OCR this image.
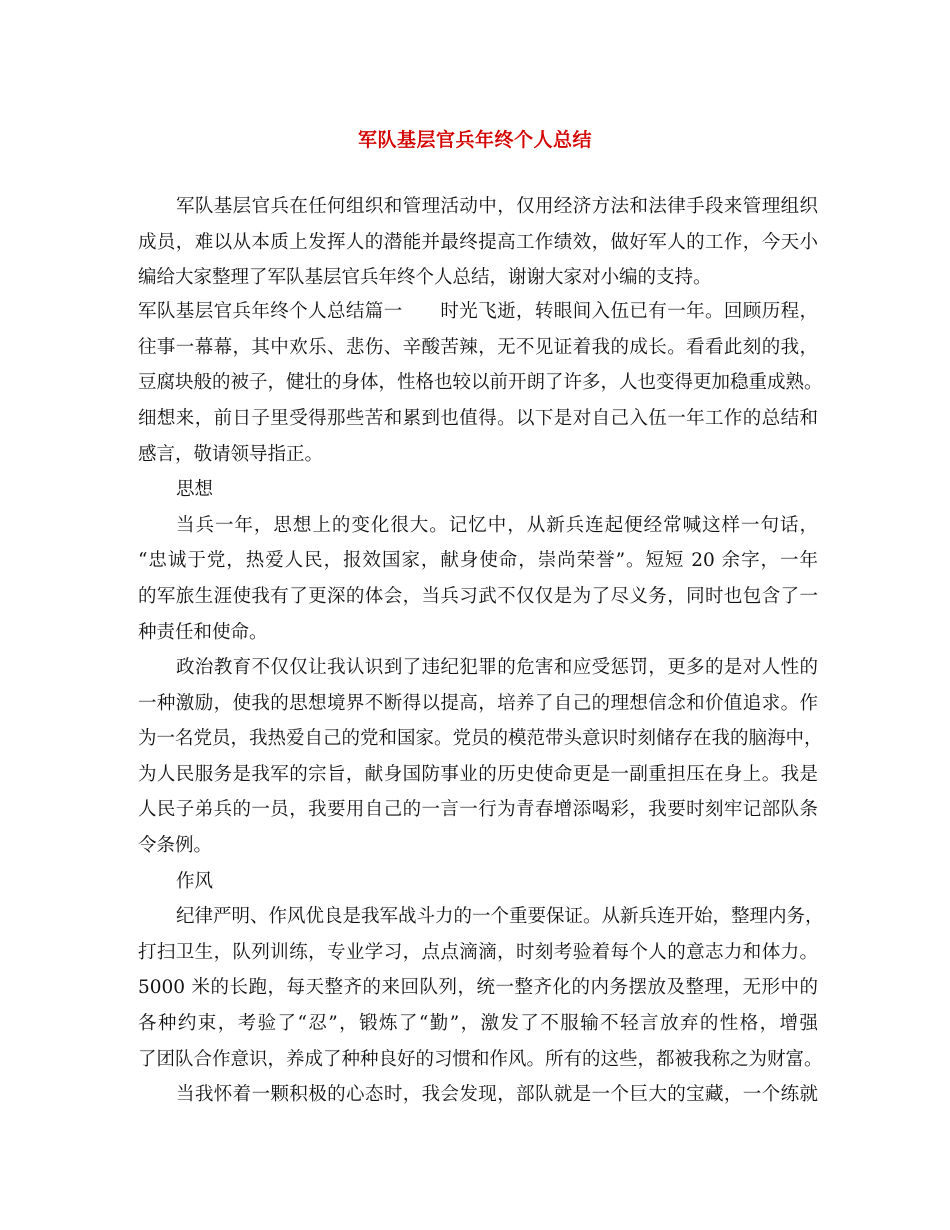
军队基层官兵年终个人总结
军队基层官兵在任何组织和管理活动中，仅用经济方法和法律手段来管理组织
成员，难以从本质上发挥人的潜能并最终提高工作绩效，做好军人的工作，今天小
编给大家整理了军队基层官兵年终个人总结，谢谢大家对小编的支持。
军队基层官兵年终个人总结篇一　　时光飞逝，转眼间入伍已有一年。回顾历程，
往事一幕幕，其中欢乐、悲伤、辛酸苦辣，无不见证着我的成长。看看此刻的我，
豆腐块般的被子，健壮的身体，性格也较以前开朗了许多，人也变得更加稳重成熟。
细想来，前日子里受得那些苦和累到也值得。以下是对自己入伍一年工作的总结和
感言，敬请领导指正。
思想
当兵一年，思想上的变化很大。记忆中，从新兵连起便经常喊这样一句话，
“忠诚于党，热爱人民，报效国家，献身使命，崇尚荣誉”。短短 20 余字，一年
的军旅生涯使我有了更深的体会，当兵习武不仅仅是为了尽义务，同时也包含了一
种责任和使命。
政治教育不仅仅让我认识到了违纪犯罪的危害和应受惩罚，更多的是对人性的
一种激励，使我的思想境界不断得以提高，培养了自己的理想信念和价值追求。作
为一名党员，我热爱自己的党和国家。党员的模范带头意识时刻储存在我的脑海中，
为人民服务是我军的宗旨，献身国防事业的历史使命更是一副重担压在身上。我是
人民子弟兵的一员，我要用自己的一言一行为青春增添喝彩，我要时刻牢记部队条
令条例。
作风
纪律严明、作风优良是我军战斗力的一个重要保证。从新兵连开始，整理内务，
打扫卫生，队列训练，专业学习，点点滴滴，时刻考验着每个人的意志力和体力。
5000 米的长跑，每天整齐的来回队列，统一整齐化的内务摆放及整理，无形中的
各种约束，考验了“忍”，锻炼了“勤”，激发了不服输不轻言放弃的性格，增强
了团队合作意识，养成了种种良好的习惯和作风。所有的这些，都被我称之为财富。
当我怀着一颗积极的心态时，我会发现，部队就是一个巨大的宝藏，一个练就
